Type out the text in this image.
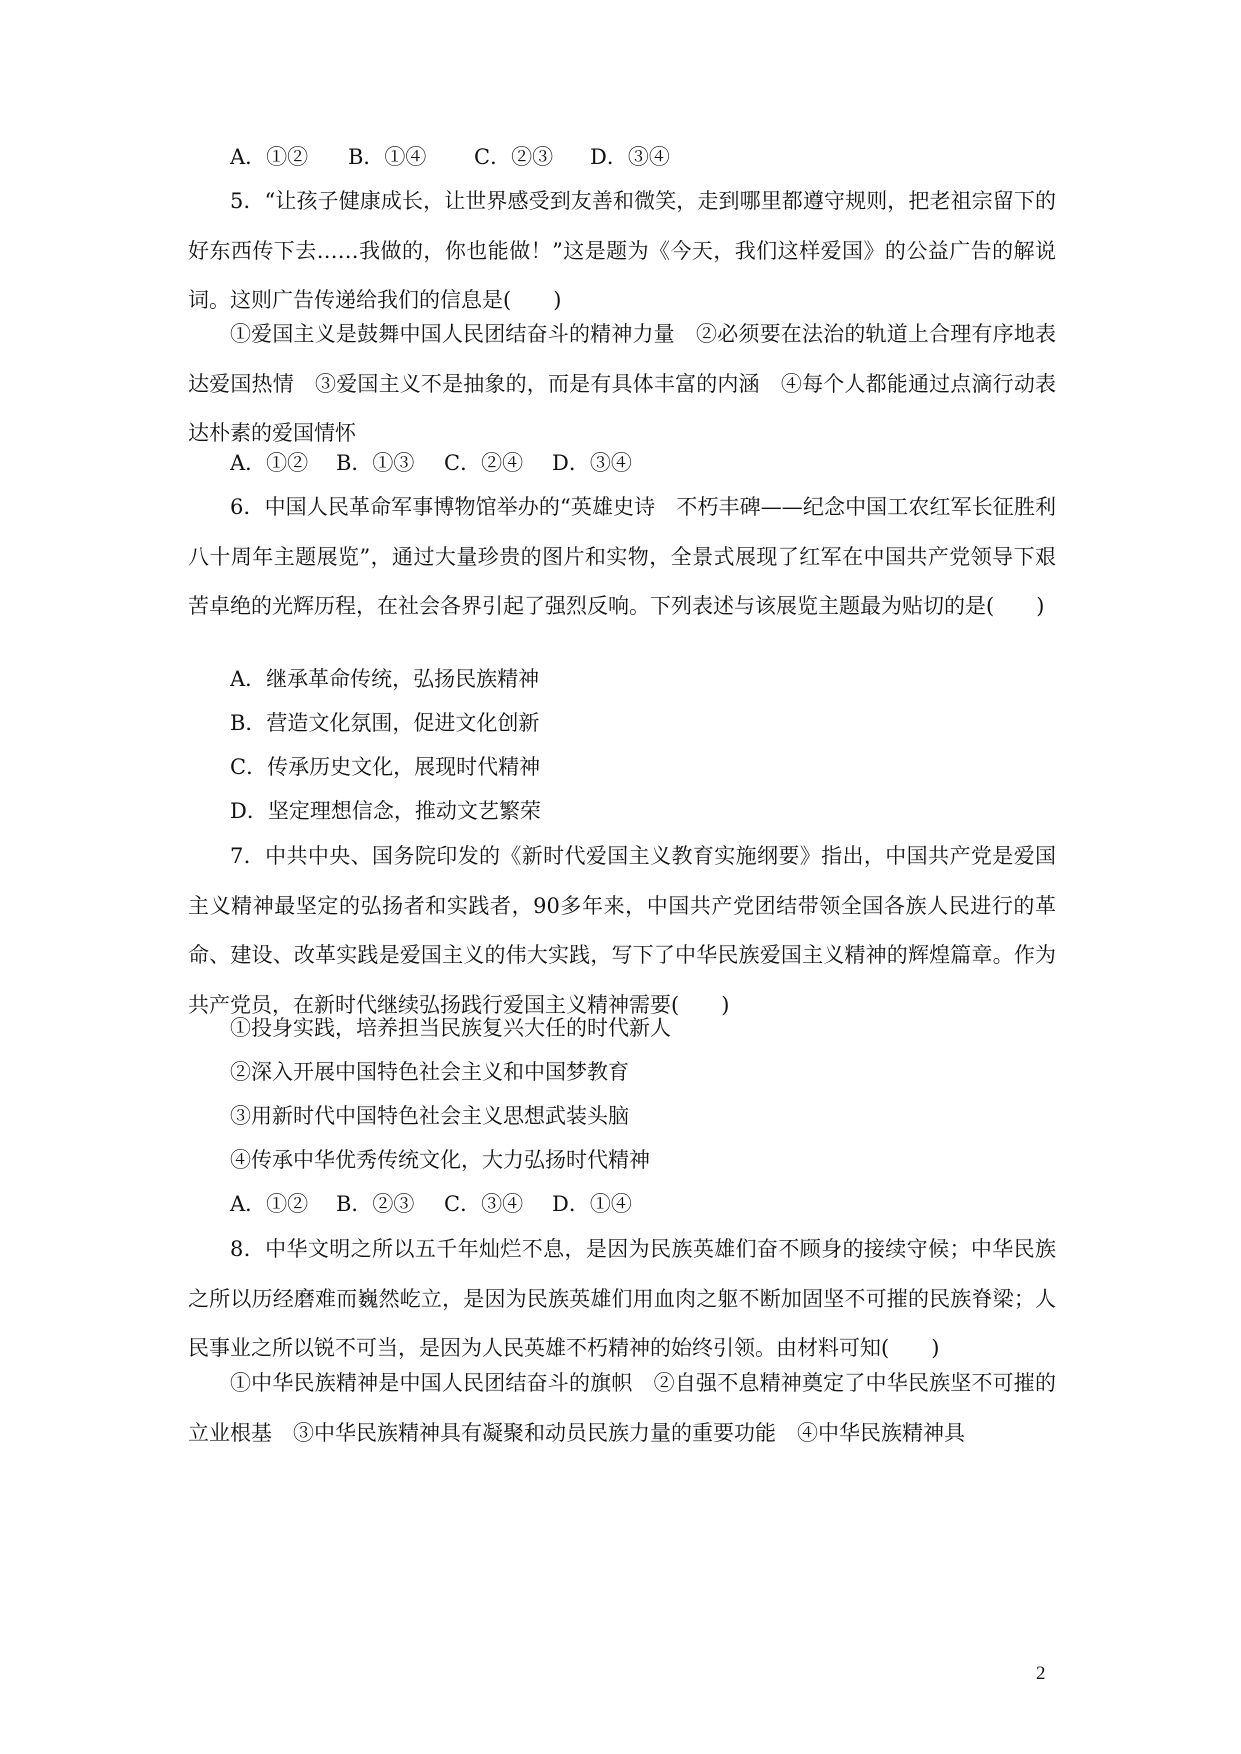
A．①② B．①④ C．②③ D．③④

5．“让孩子健康成长，让世界感受到友善和微笑，走到哪里都遵守规则，把老祖宗留下的好东西传下去……我做的，你也能做！”这是题为《今天，我们这样爱国》的公益广告的解说词。这则广告传递给我们的信息是(　　)

①爱国主义是鼓舞中国人民团结奋斗的精神力量　②必须要在法治的轨道上合理有序地表达爱国热情　③爱国主义不是抽象的，而是有具体丰富的内涵　④每个人都能通过点滴行动表达朴素的爱国情怀

A．①② B．①③ C．②④ D．③④

6．中国人民革命军事博物馆举办的“英雄史诗　不朽丰碑——纪念中国工农红军长征胜利八十周年主题展览”，通过大量珍贵的图片和实物，全景式展现了红军在中国共产党领导下艰苦卓绝的光辉历程，在社会各界引起了强烈反响。下列表述与该展览主题最为贴切的是(　　)

A．继承革命传统，弘扬民族精神
B．营造文化氛围，促进文化创新
C．传承历史文化，展现时代精神
D．坚定理想信念，推动文艺繁荣

7．中共中央、国务院印发的《新时代爱国主义教育实施纲要》指出，中国共产党是爱国主义精神最坚定的弘扬者和实践者，90多年来，中国共产党团结带领全国各族人民进行的革命、建设、改革实践是爱国主义的伟大实践，写下了中华民族爱国主义精神的辉煌篇章。作为共产党员，在新时代继续弘扬践行爱国主义精神需要(　　)

①投身实践，培养担当民族复兴大任的时代新人
②深入开展中国特色社会主义和中国梦教育
③用新时代中国特色社会主义思想武装头脑
④传承中华优秀传统文化，大力弘扬时代精神
A．①② B．②③ C．③④ D．①④

8．中华文明之所以五千年灿烂不息，是因为民族英雄们奋不顾身的接续守候；中华民族之所以历经磨难而巍然屹立，是因为民族英雄们用血肉之躯不断加固坚不可摧的民族脊梁；人民事业之所以锐不可当，是因为人民英雄不朽精神的始终引领。由材料可知(　　)

①中华民族精神是中国人民团结奋斗的旗帜　②自强不息精神奠定了中华民族坚不可摧的立业根基　③中华民族精神具有凝聚和动员民族力量的重要功能　④中华民族精神具

2
